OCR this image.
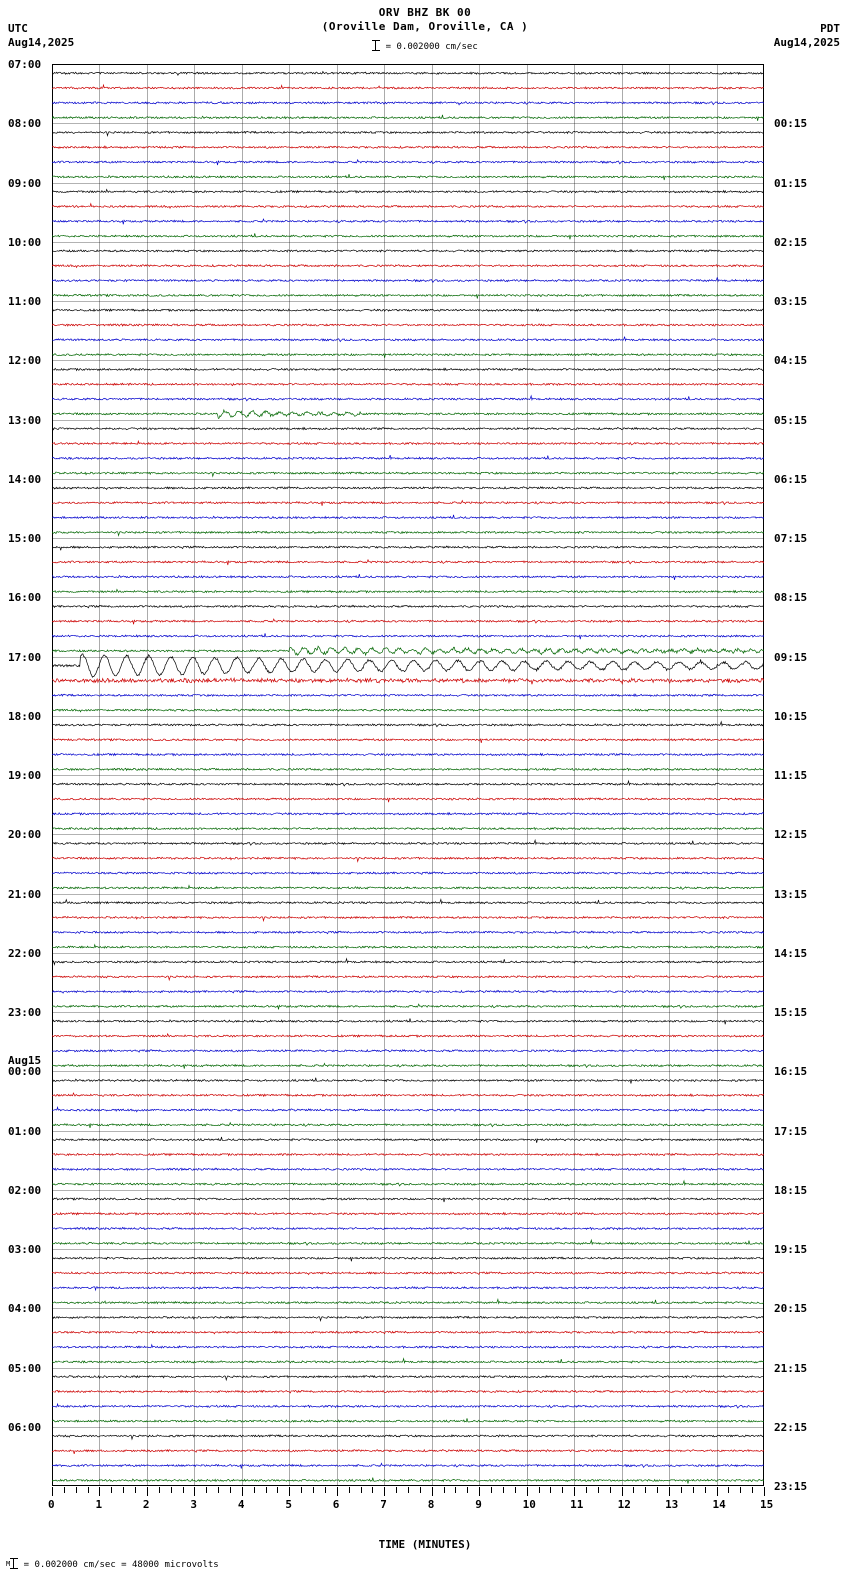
ORV BHZ BK 00
(Oroville Dam, Oroville, CA )
= 0.002000 cm/sec
UTC
Aug14,2025
PDT
Aug14,2025
07:00
08:00
09:00
10:00
11:00
12:00
13:00
14:00
15:00
16:00
17:00
18:00
19:00
20:00
21:00
22:00
23:00
Aug15
00:00
01:00
02:00
03:00
04:00
05:00
06:00
00:15
01:15
02:15
03:15
04:15
05:15
06:15
07:15
08:15
09:15
10:15
11:15
12:15
13:15
14:15
15:15
16:15
17:15
18:15
19:15
20:15
21:15
22:15
23:15
0	1	2	3	4	5	6	7	8	9	10	11	12	13	14	15
TIME (MINUTES)
M = 0.002000 cm/sec = 48000 microvolts
